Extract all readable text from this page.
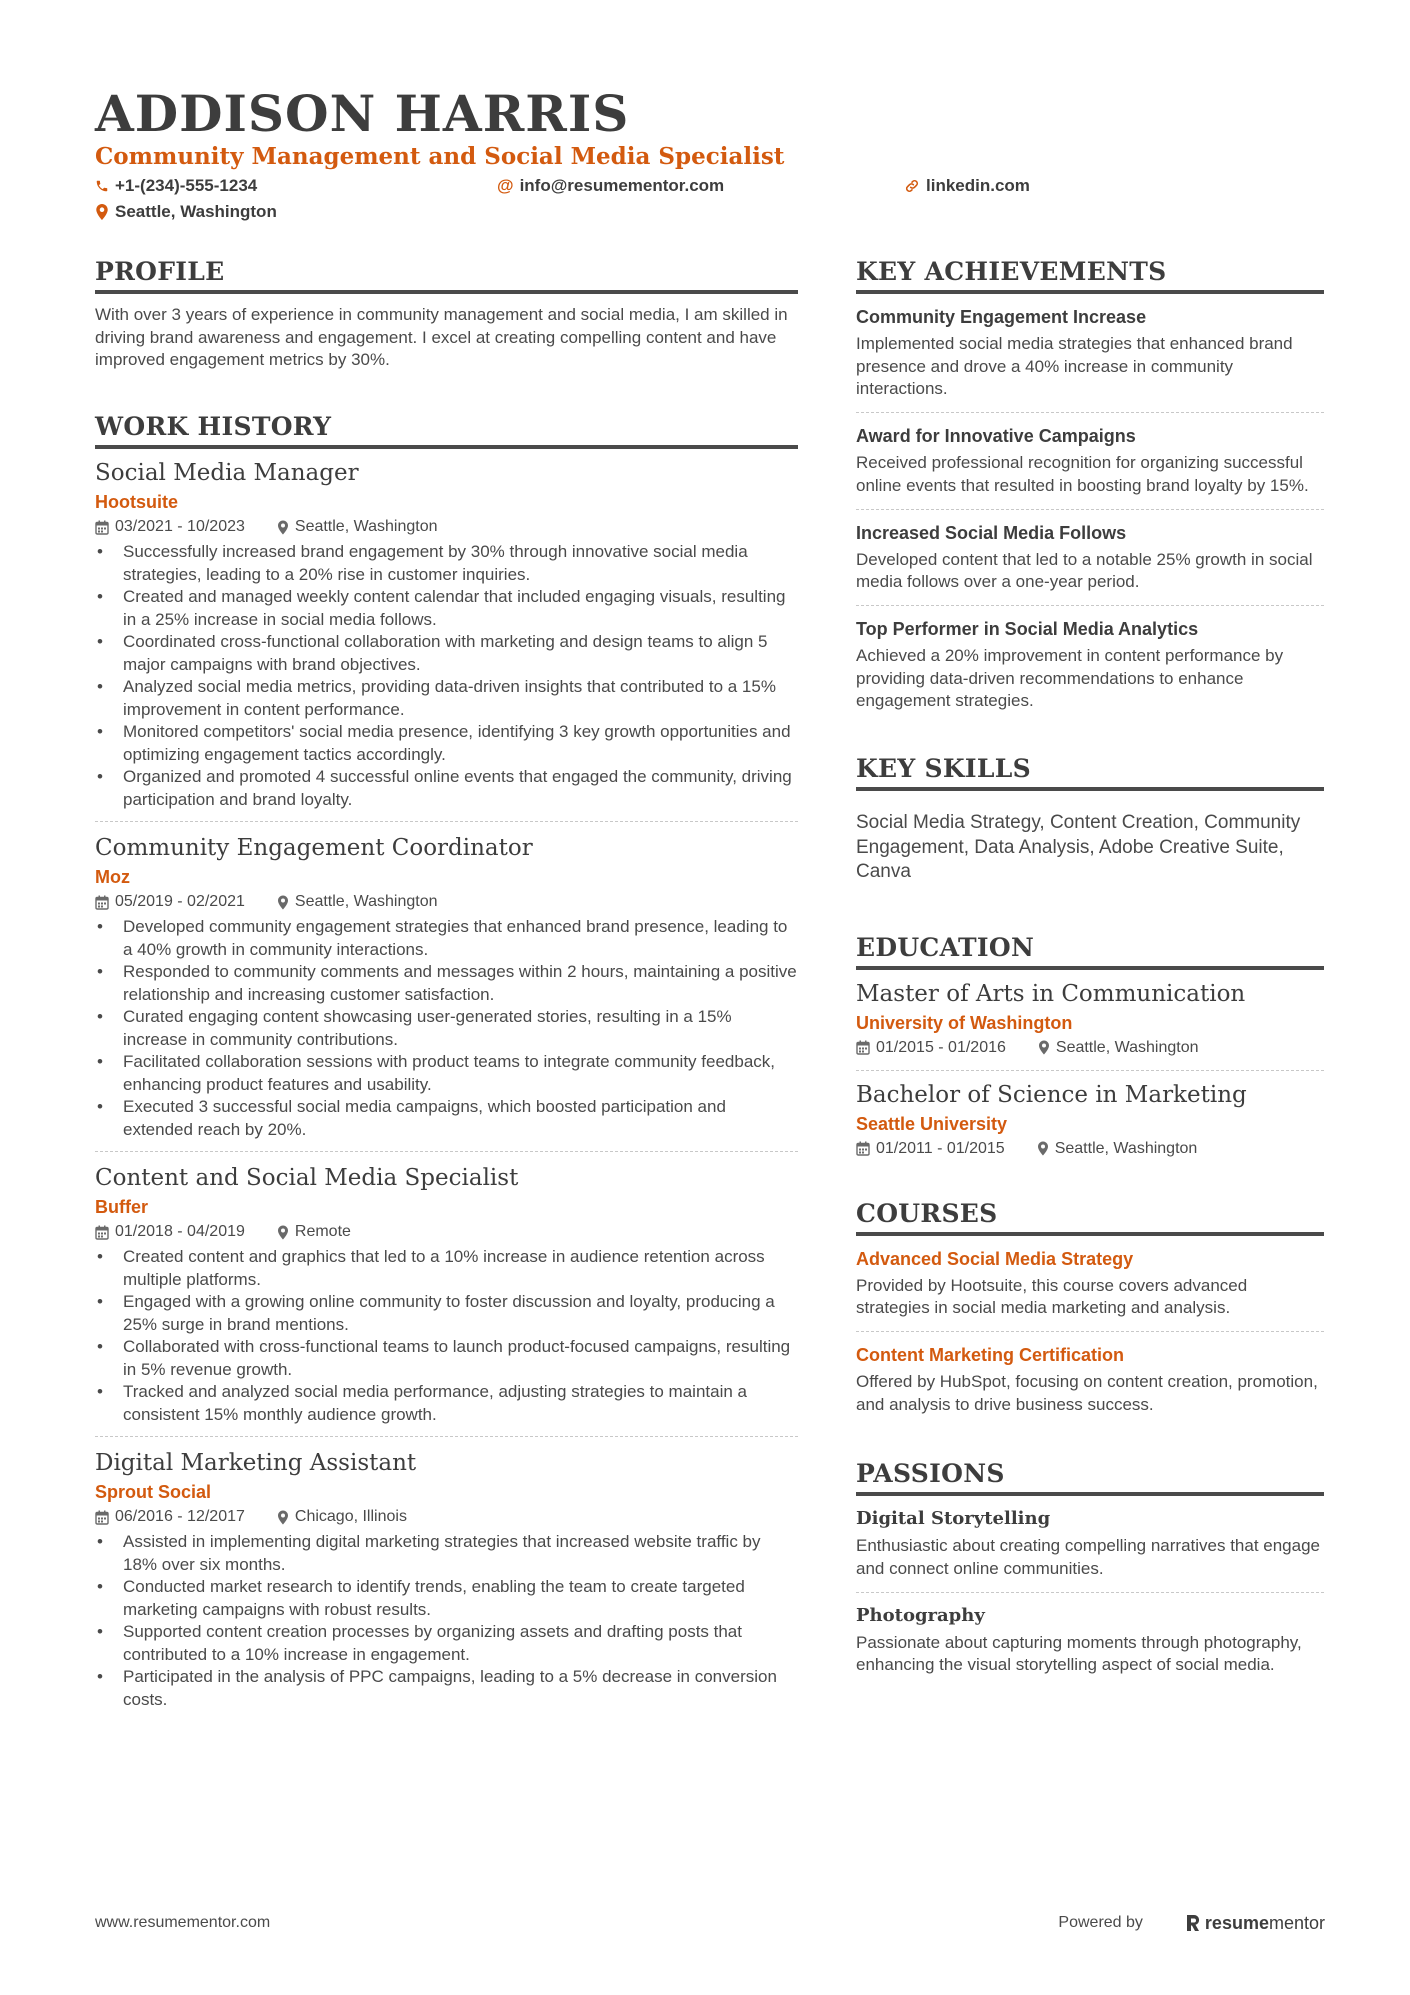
ADDISON HARRIS
Community Management and Social Media Specialist
+1-(234)-555-1234	@ info@resumementor.com	linkedin.com
Seattle, Washington
PROFILE

With over 3 years of experience in community management and social media, I am skilled in driving brand awareness and engagement. I excel at creating compelling content and have improved engagement metrics by 30%.

WORK HISTORY
Social Media Manager
Hootsuite
03/2021 - 10/2023	Seattle, Washington
• Successfully increased brand engagement by 30% through innovative social media strategies, leading to a 20% rise in customer inquiries.
• Created and managed weekly content calendar that included engaging visuals, resulting in a 25% increase in social media follows.
• Coordinated cross-functional collaboration with marketing and design teams to align 5 major campaigns with brand objectives.
• Analyzed social media metrics, providing data-driven insights that contributed to a 15% improvement in content performance.
• Monitored competitors' social media presence, identifying 3 key growth opportunities and optimizing engagement tactics accordingly.
• Organized and promoted 4 successful online events that engaged the community, driving participation and brand loyalty.
Community Engagement Coordinator
Moz
05/2019 - 02/2021	Seattle, Washington
• Developed community engagement strategies that enhanced brand presence, leading to a 40% growth in community interactions.
• Responded to community comments and messages within 2 hours, maintaining a positive relationship and increasing customer satisfaction.
• Curated engaging content showcasing user-generated stories, resulting in a 15% increase in community contributions.
• Facilitated collaboration sessions with product teams to integrate community feedback, enhancing product features and usability.
• Executed 3 successful social media campaigns, which boosted participation and extended reach by 20%.
Content and Social Media Specialist
Buffer
01/2018 - 04/2019	Remote
• Created content and graphics that led to a 10% increase in audience retention across multiple platforms.
• Engaged with a growing online community to foster discussion and loyalty, producing a 25% surge in brand mentions.
• Collaborated with cross-functional teams to launch product-focused campaigns, resulting in 5% revenue growth.
• Tracked and analyzed social media performance, adjusting strategies to maintain a consistent 15% monthly audience growth.
Digital Marketing Assistant
Sprout Social
06/2016 - 12/2017	Chicago, Illinois
• Assisted in implementing digital marketing strategies that increased website traffic by 18% over six months.
• Conducted market research to identify trends, enabling the team to create targeted marketing campaigns with robust results.
• Supported content creation processes by organizing assets and drafting posts that contributed to a 10% increase in engagement.
• Participated in the analysis of PPC campaigns, leading to a 5% decrease in conversion costs.
KEY ACHIEVEMENTS
Community Engagement Increase
Implemented social media strategies that enhanced brand presence and drove a 40% increase in community interactions.
Award for Innovative Campaigns
Received professional recognition for organizing successful online events that resulted in boosting brand loyalty by 15%.
Increased Social Media Follows
Developed content that led to a notable 25% growth in social media follows over a one-year period.
Top Performer in Social Media Analytics
Achieved a 20% improvement in content performance by providing data-driven recommendations to enhance engagement strategies.
KEY SKILLS
Social Media Strategy, Content Creation, Community Engagement, Data Analysis, Adobe Creative Suite, Canva
EDUCATION
Master of Arts in Communication
University of Washington
01/2015 - 01/2016	Seattle, Washington
Bachelor of Science in Marketing
Seattle University
01/2011 - 01/2015	Seattle, Washington
COURSES
Advanced Social Media Strategy
Provided by Hootsuite, this course covers advanced strategies in social media marketing and analysis.
Content Marketing Certification
Offered by HubSpot, focusing on content creation, promotion, and analysis to drive business success.
PASSIONS
Digital Storytelling
Enthusiastic about creating compelling narratives that engage and connect online communities.
Photography
Passionate about capturing moments through photography, enhancing the visual storytelling aspect of social media.
www.resumementor.com	Powered by	resume mentor
